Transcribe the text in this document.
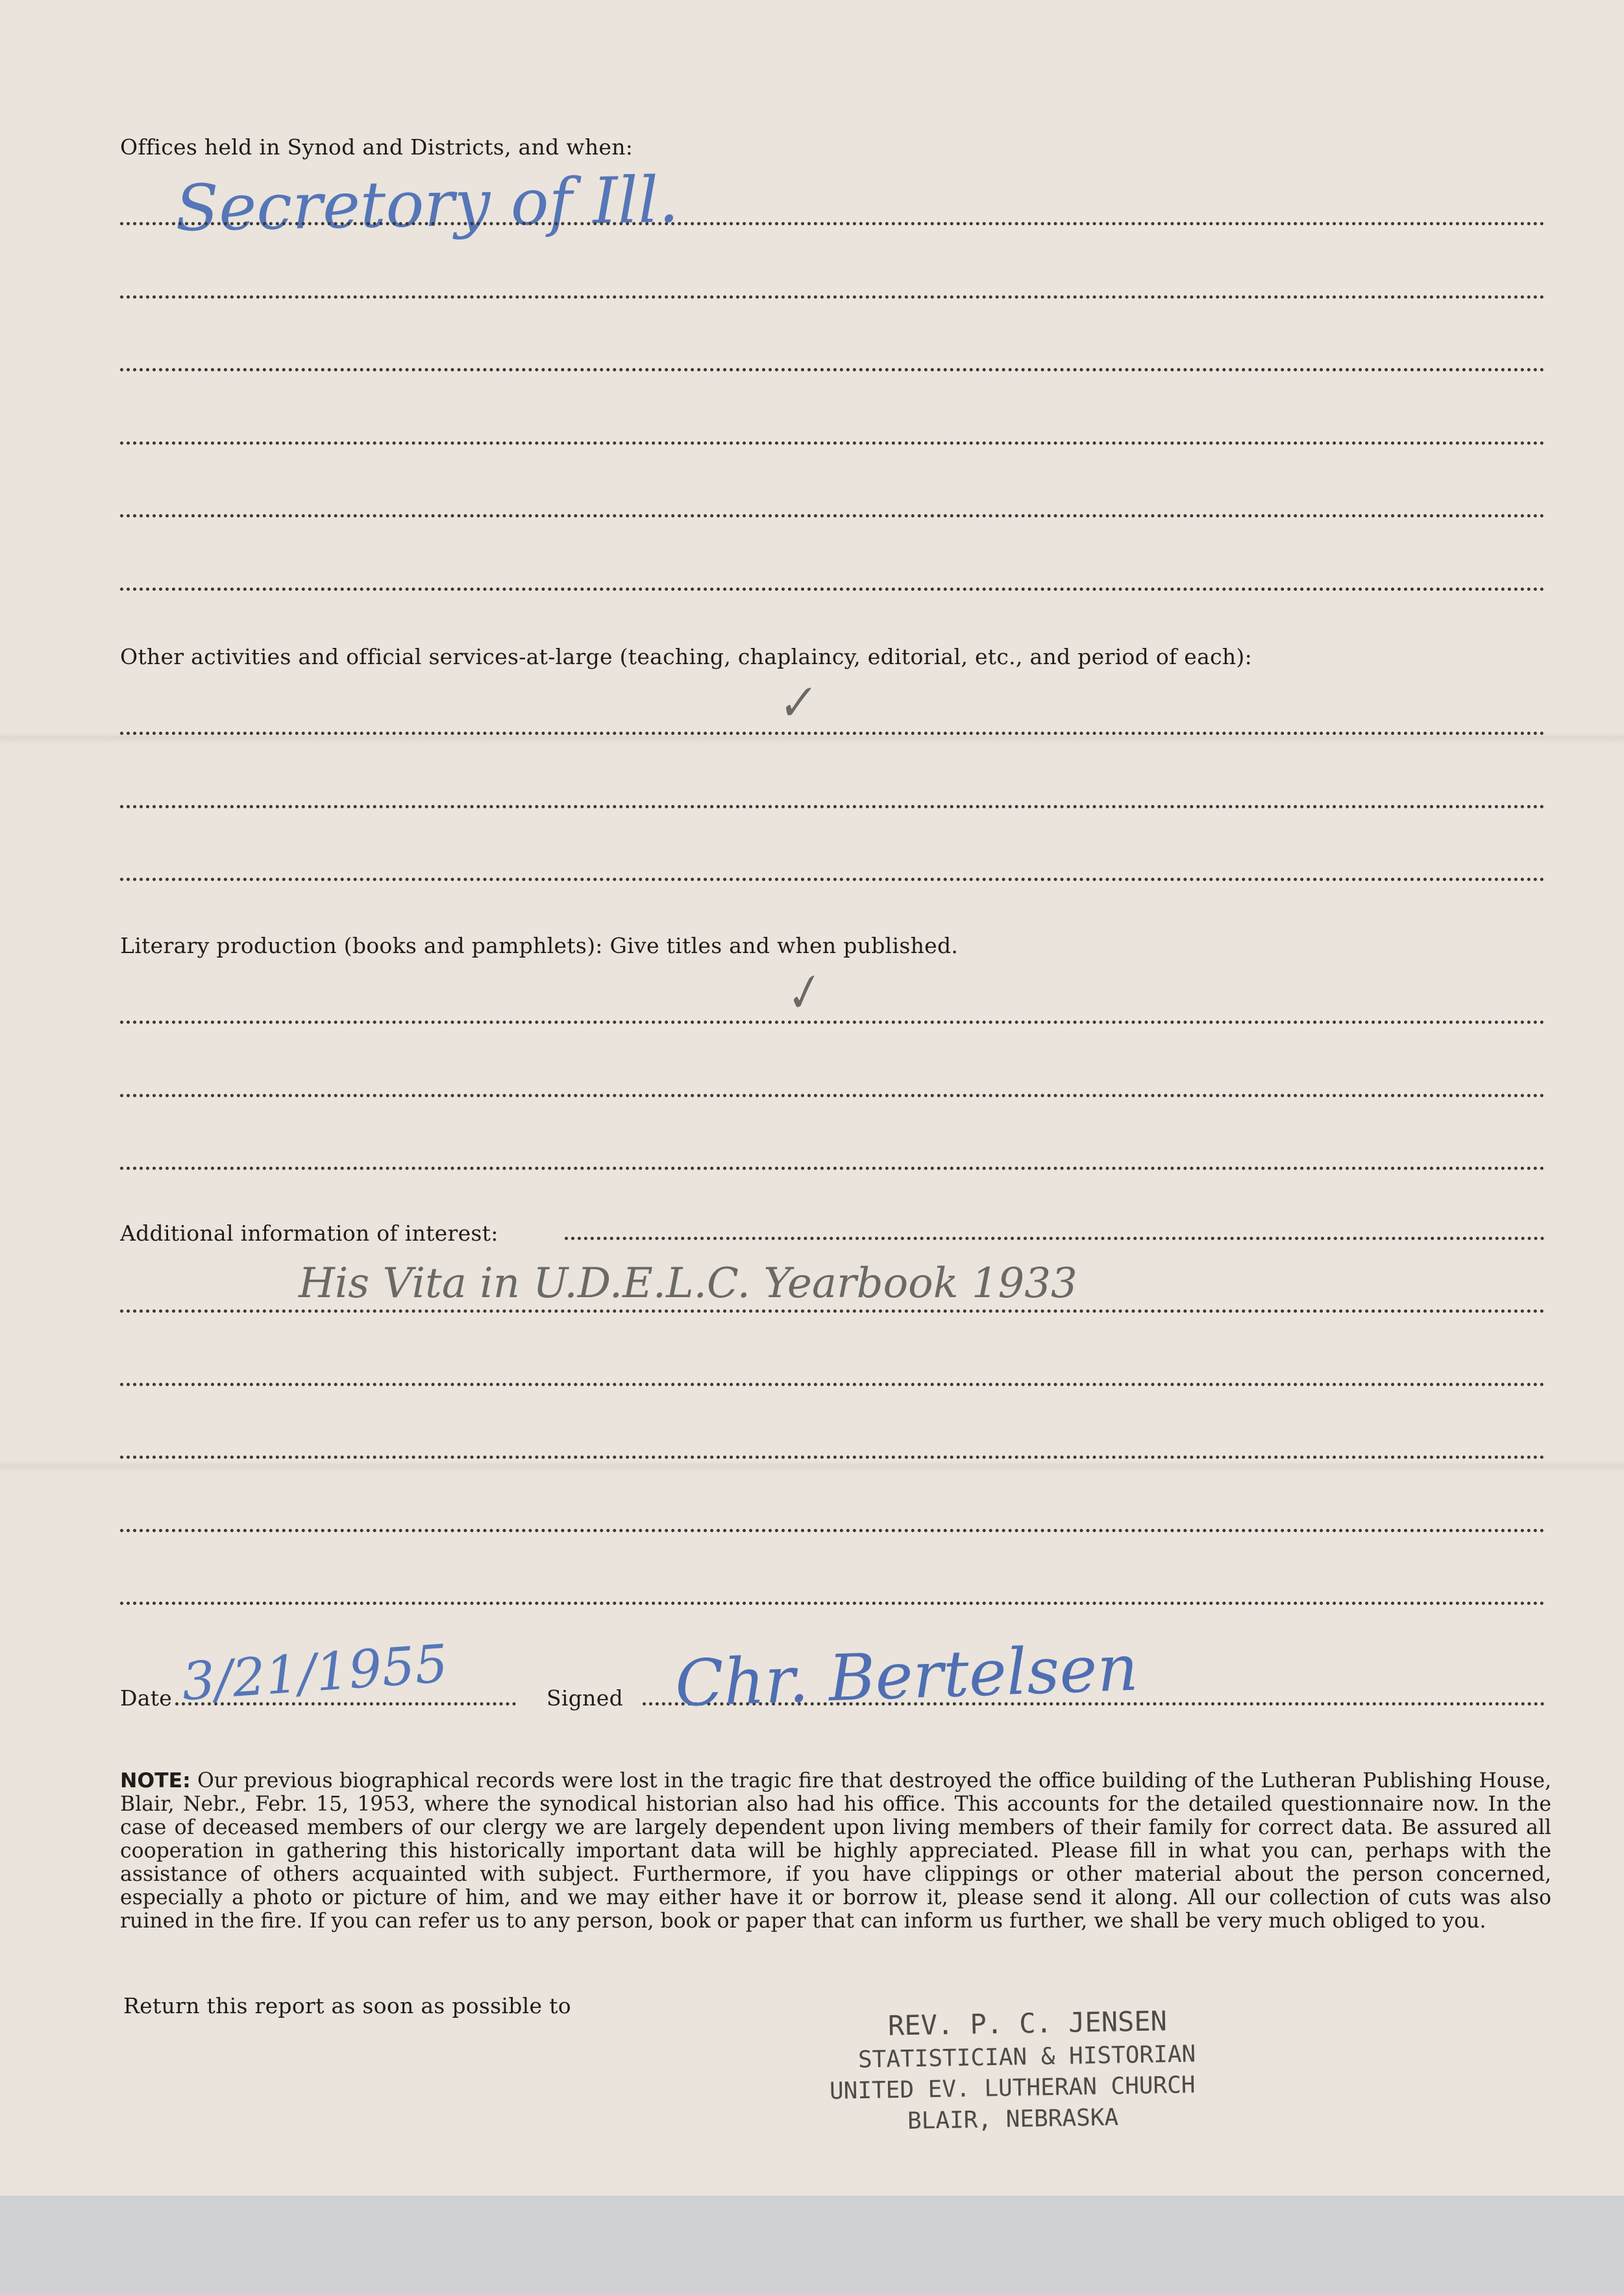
Offices held in Synod and Districts, and when:
Secretory of Ill.
Other activities and official services-at-large (teaching, chaplaincy, editorial, etc., and period of each):
✓
Literary production (books and pamphlets): Give titles and when published.
✓
Additional information of interest:
His Vita in U.D.E.L.C. Yearbook 1933
Date 3/21/1955	Signed Chr. Bertelsen
NOTE: Our previous biographical records were lost in the tragic fire that destroyed the office building of the Lutheran Publishing House, Blair, Nebr., Febr. 15, 1953, where the synodical historian also had his office. This accounts for the detailed questionnaire now. In the case of deceased members of our clergy we are largely dependent upon living members of their family for correct data. Be assured all cooperation in gathering this historically important data will be highly appreciated. Please fill in what you can, perhaps with the assistance of others acquainted with subject. Furthermore, if you have clippings or other material about the person concerned, especially a photo or picture of him, and we may either have it or borrow it, please send it along. All our collection of cuts was also ruined in the fire. If you can refer us to any person, book or paper that can inform us further, we shall be very much obliged to you.
Return this report as soon as possible to	REV. P. C. JENSEN
STATISTICIAN & HISTORIAN
UNITED EV. LUTHERAN CHURCH
BLAIR, NEBRASKA
